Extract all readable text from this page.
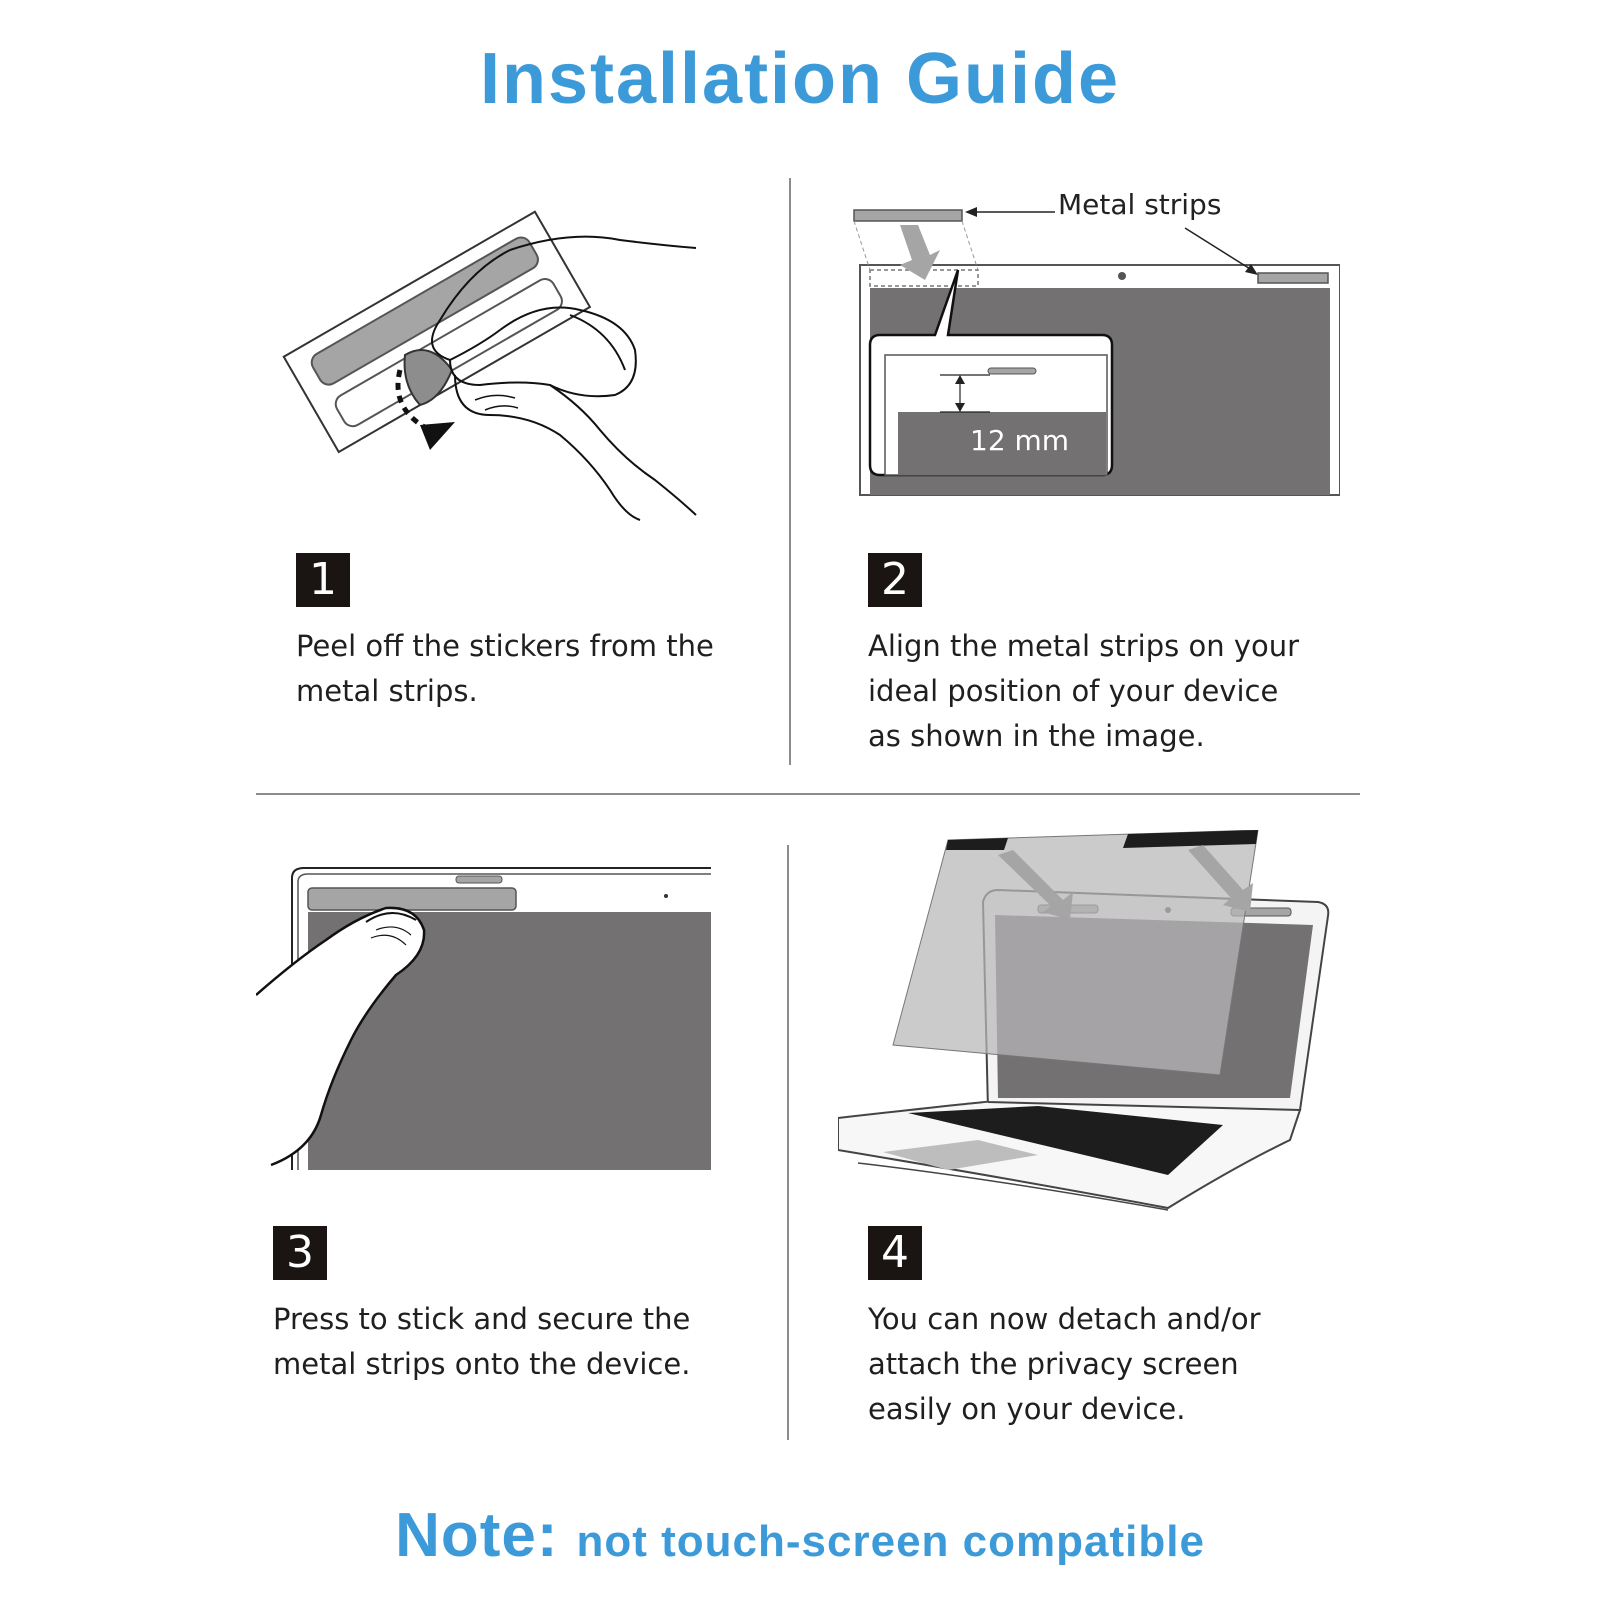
Installation Guide
12 mm
Metal strips
1
Peel off the stickers from the
metal strips.
2
Align the metal strips on your
ideal position of your device
as shown in the image.
3
Press to stick and secure the
metal strips onto the device.
4
You can now detach and/or
attach the privacy screen
easily on your device.
Note: not touch-screen compatible
